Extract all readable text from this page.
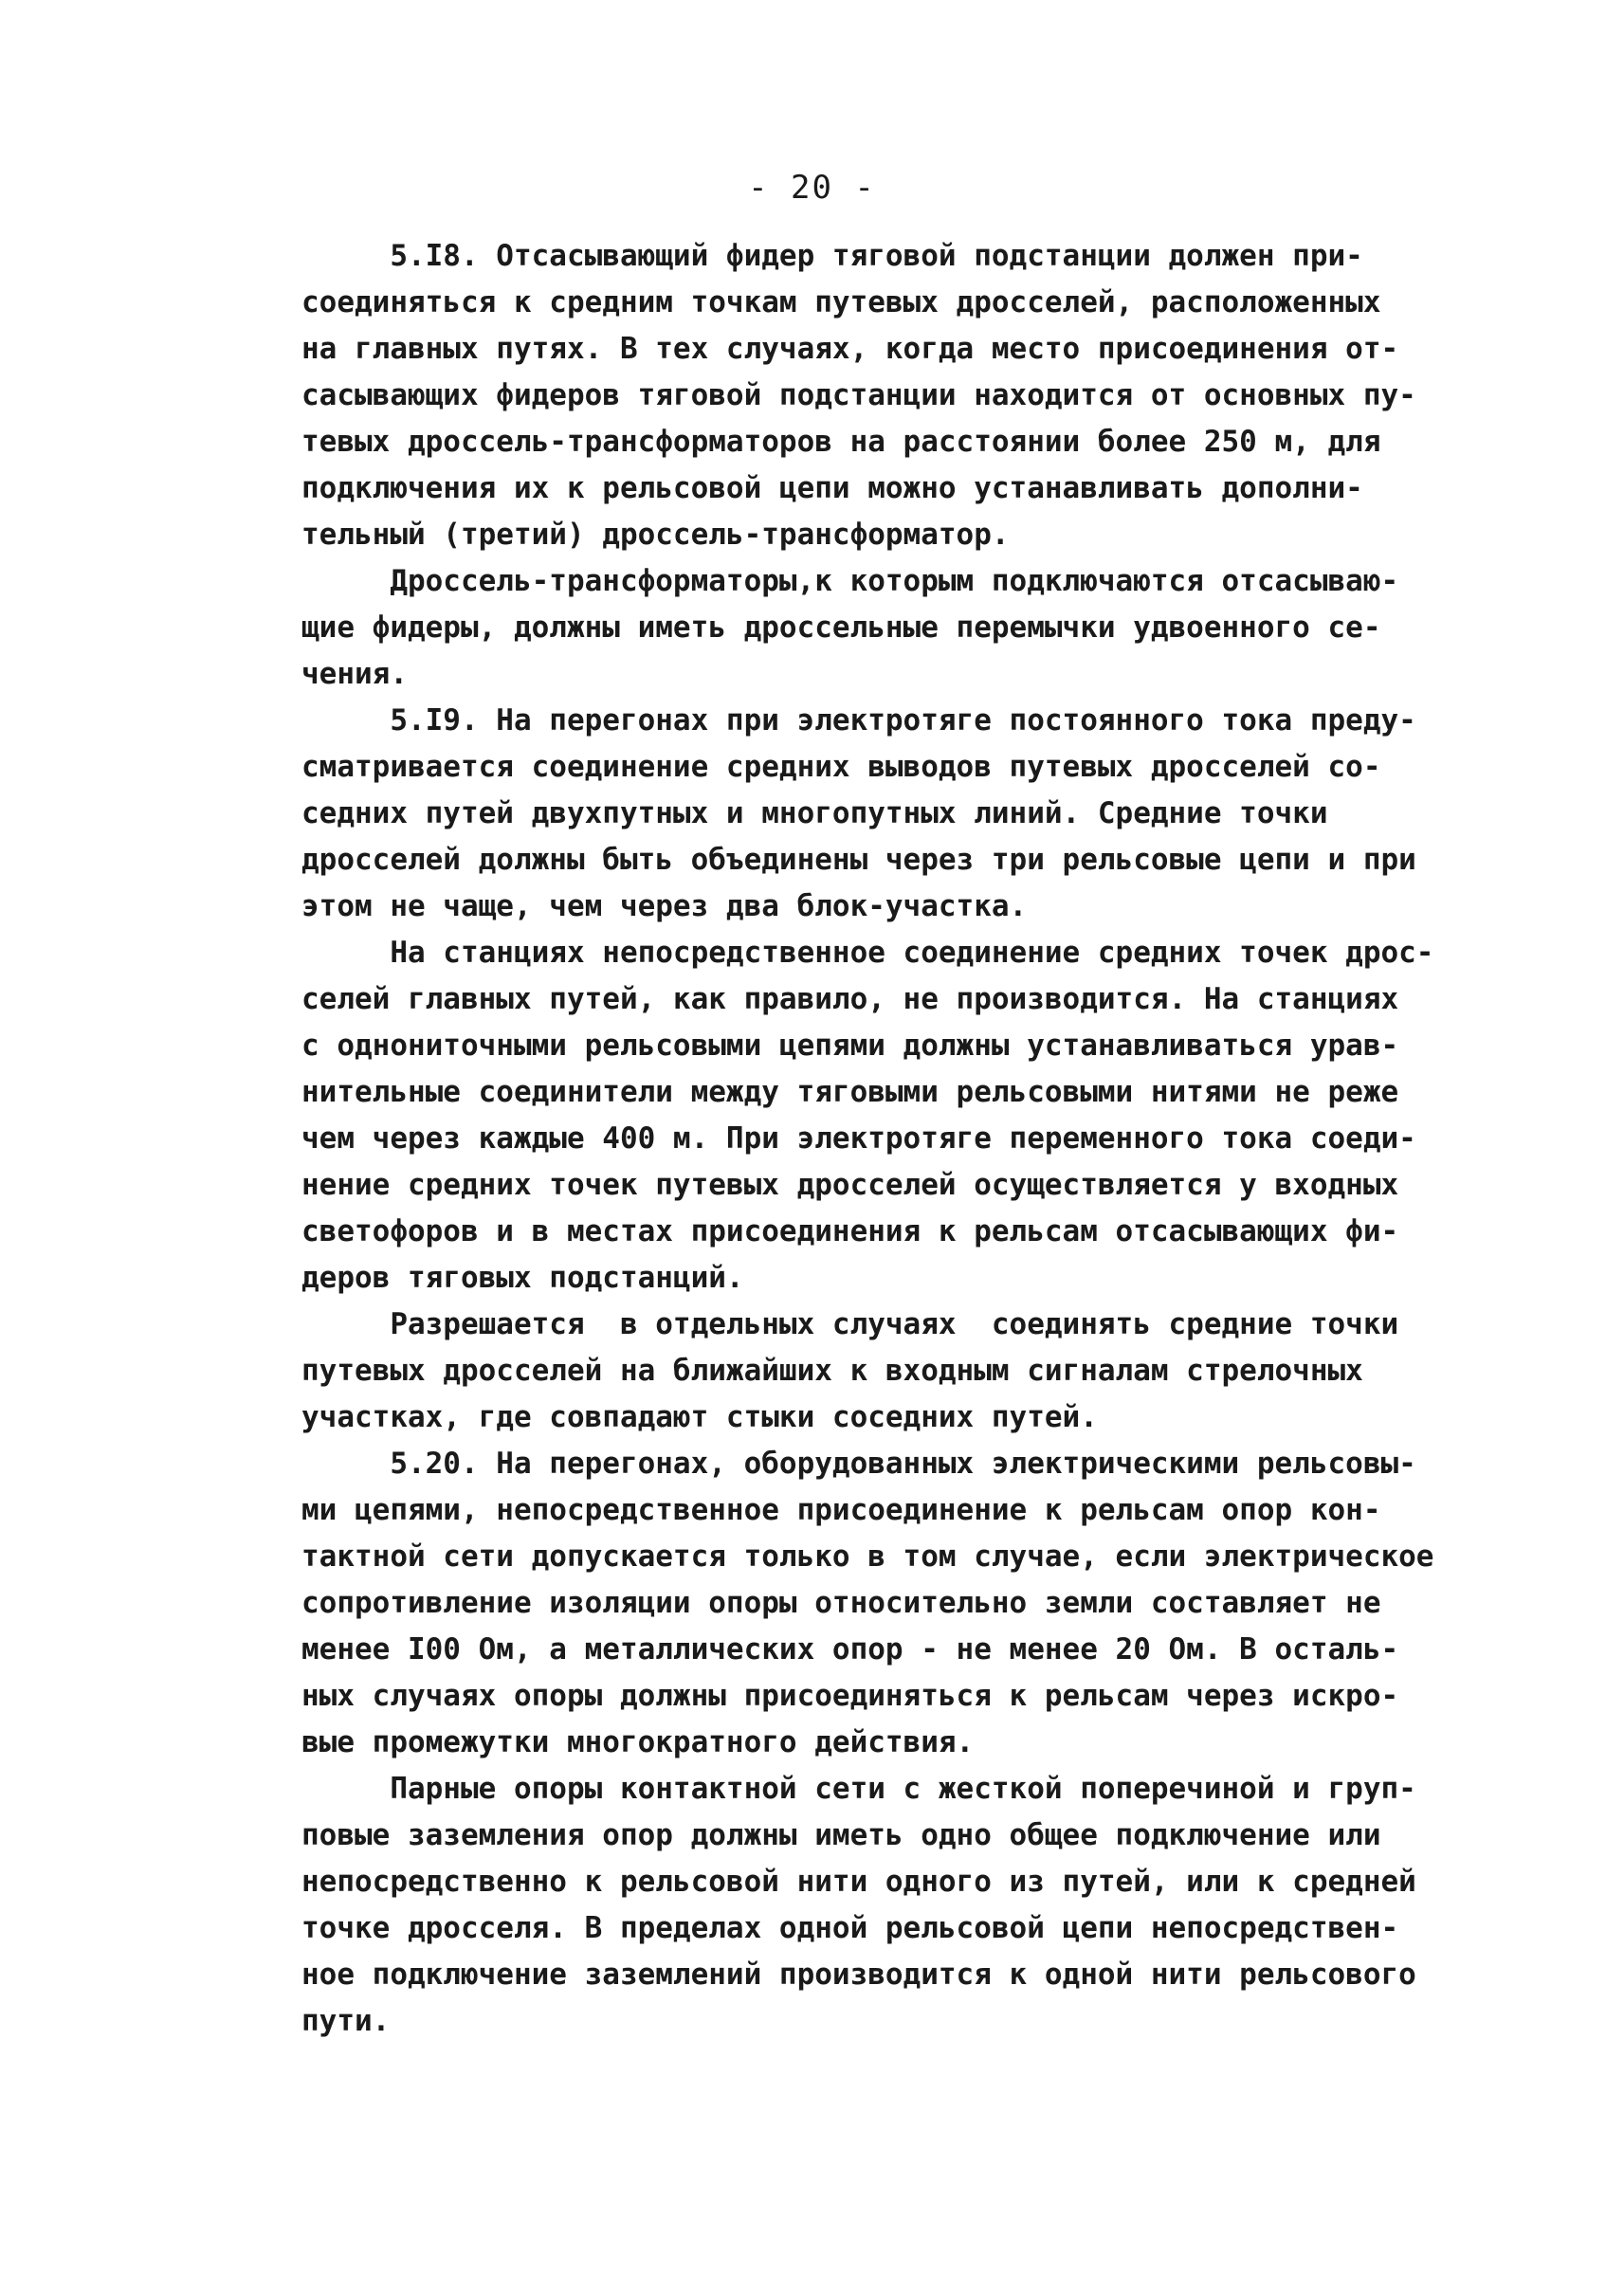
- 20 -
5.I8. Отсасывающий фидер тяговой подстанции должен при-
соединяться к средним точкам путевых дросселей, расположенных
на главных путях. В тех случаях, когда место присоединения от-
сасывающих фидеров тяговой подстанции находится от основных пу-
тевых дроссель-трансформаторов на расстоянии более 250 м, для
подключения их к рельсовой цепи можно устанавливать дополни-
тельный (третий) дроссель-трансформатор.
Дроссель-трансформаторы,к которым подключаются отсасываю-
щие фидеры, должны иметь дроссельные перемычки удвоенного се-
чения.
5.I9. На перегонах при электротяге постоянного тока преду-
сматривается соединение средних выводов путевых дросселей со-
седних путей двухпутных и многопутных линий. Средние точки
дросселей должны быть объединены через три рельсовые цепи и при
этом не чаще, чем через два блок-участка.
На станциях непосредственное соединение средних точек дрос-
селей главных путей, как правило, не производится. На станциях
с однониточными рельсовыми цепями должны устанавливаться урав-
нительные соединители между тяговыми рельсовыми нитями не реже
чем через каждые 400 м. При электротяге переменного тока соеди-
нение средних точек путевых дросселей осуществляется у входных
светофоров и в местах присоединения к рельсам отсасывающих фи-
деров тяговых подстанций.
Разрешается  в отдельных случаях  соединять средние точки
путевых дросселей на ближайших к входным сигналам стрелочных
участках, где совпадают стыки соседних путей.
5.20. На перегонах, оборудованных электрическими рельсовы-
ми цепями, непосредственное присоединение к рельсам опор кон-
тактной сети допускается только в том случае, если электрическое
сопротивление изоляции опоры относительно земли составляет не
менее I00 Ом, а металлических опор - не менее 20 Ом. В осталь-
ных случаях опоры должны присоединяться к рельсам через искро-
вые промежутки многократного действия.
Парные опоры контактной сети с жесткой поперечиной и груп-
повые заземления опор должны иметь одно общее подключение или
непосредственно к рельсовой нити одного из путей, или к средней
точке дросселя. В пределах одной рельсовой цепи непосредствен-
ное подключение заземлений производится к одной нити рельсового
пути.
